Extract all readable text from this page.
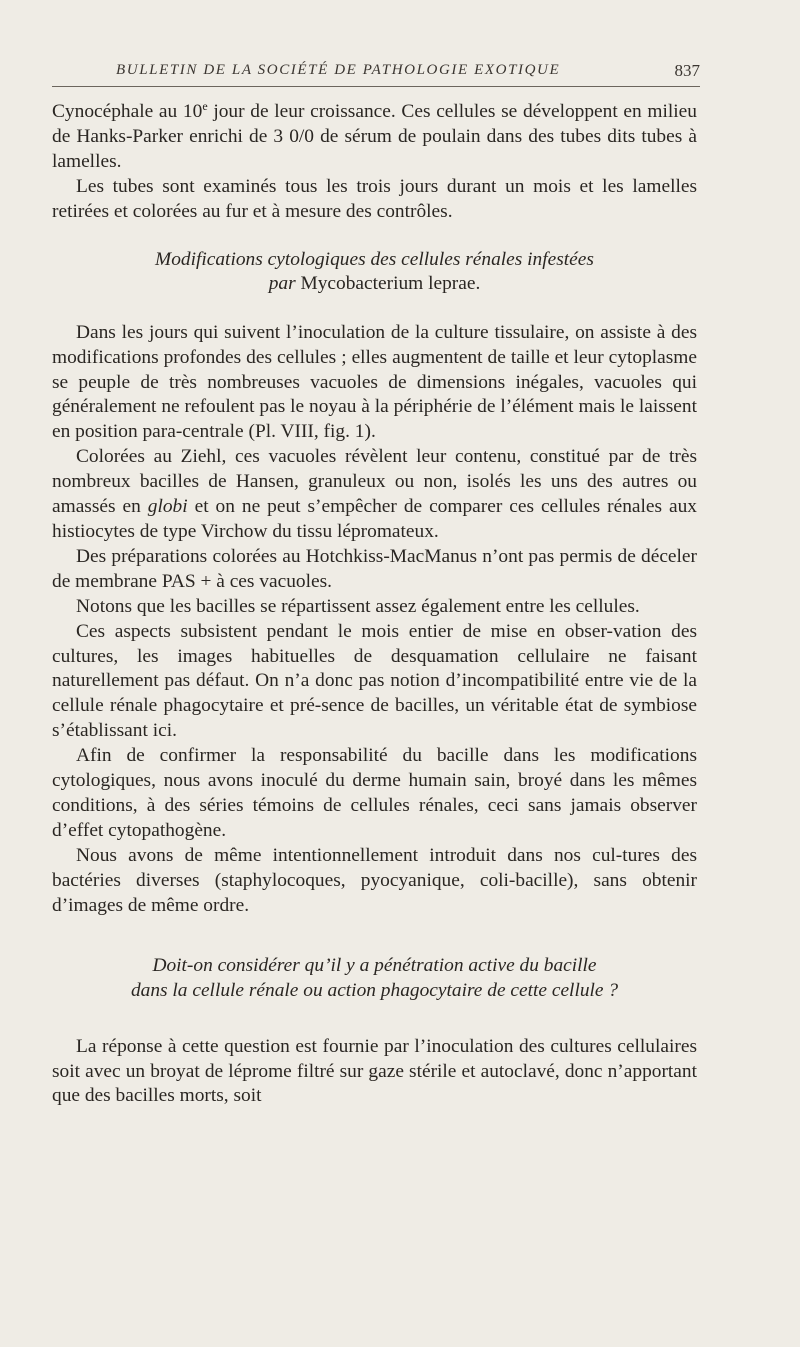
BULLETIN DE LA SOCIÉTÉ DE PATHOLOGIE EXOTIQUE	837

Cynocéphale au 10e jour de leur croissance. Ces cellules se développent en milieu de Hanks-Parker enrichi de 3 0/0 de sérum de poulain dans des tubes dits tubes à lamelles.

Les tubes sont examinés tous les trois jours durant un mois et les lamelles retirées et colorées au fur et à mesure des contrôles.

Modifications cytologiques des cellules rénales infestées
par Mycobacterium leprae.

Dans les jours qui suivent l’inoculation de la culture tissulaire, on assiste à des modifications profondes des cellules ; elles augmentent de taille et leur cytoplasme se peuple de très nombreuses vacuoles de dimensions inégales, vacuoles qui généralement ne refoulent pas le noyau à la périphérie de l’élément mais le laissent en position para-centrale (Pl. VIII, fig. 1).

Colorées au Ziehl, ces vacuoles révèlent leur contenu, constitué par de très nombreux bacilles de Hansen, granuleux ou non, isolés les uns des autres ou amassés en globi et on ne peut s’empêcher de comparer ces cellules rénales aux histiocytes de type Virchow du tissu lépromateux.

Des préparations colorées au Hotchkiss-MacManus n’ont pas permis de déceler de membrane PAS + à ces vacuoles.

Notons que les bacilles se répartissent assez également entre les cellules.

Ces aspects subsistent pendant le mois entier de mise en obser-vation des cultures, les images habituelles de desquamation cellulaire ne faisant naturellement pas défaut. On n’a donc pas notion d’incompatibilité entre vie de la cellule rénale phagocytaire et pré-sence de bacilles, un véritable état de symbiose s’établissant ici.

Afin de confirmer la responsabilité du bacille dans les modifications cytologiques, nous avons inoculé du derme humain sain, broyé dans les mêmes conditions, à des séries témoins de cellules rénales, ceci sans jamais observer d’effet cytopathogène.

Nous avons de même intentionnellement introduit dans nos cul-tures des bactéries diverses (staphylocoques, pyocyanique, coli-bacille), sans obtenir d’images de même ordre.

Doit-on considérer qu’il y a pénétration active du bacille
dans la cellule rénale ou action phagocytaire de cette cellule ?

La réponse à cette question est fournie par l’inoculation des cultures cellulaires soit avec un broyat de léprome filtré sur gaze stérile et autoclavé, donc n’apportant que des bacilles morts, soit
